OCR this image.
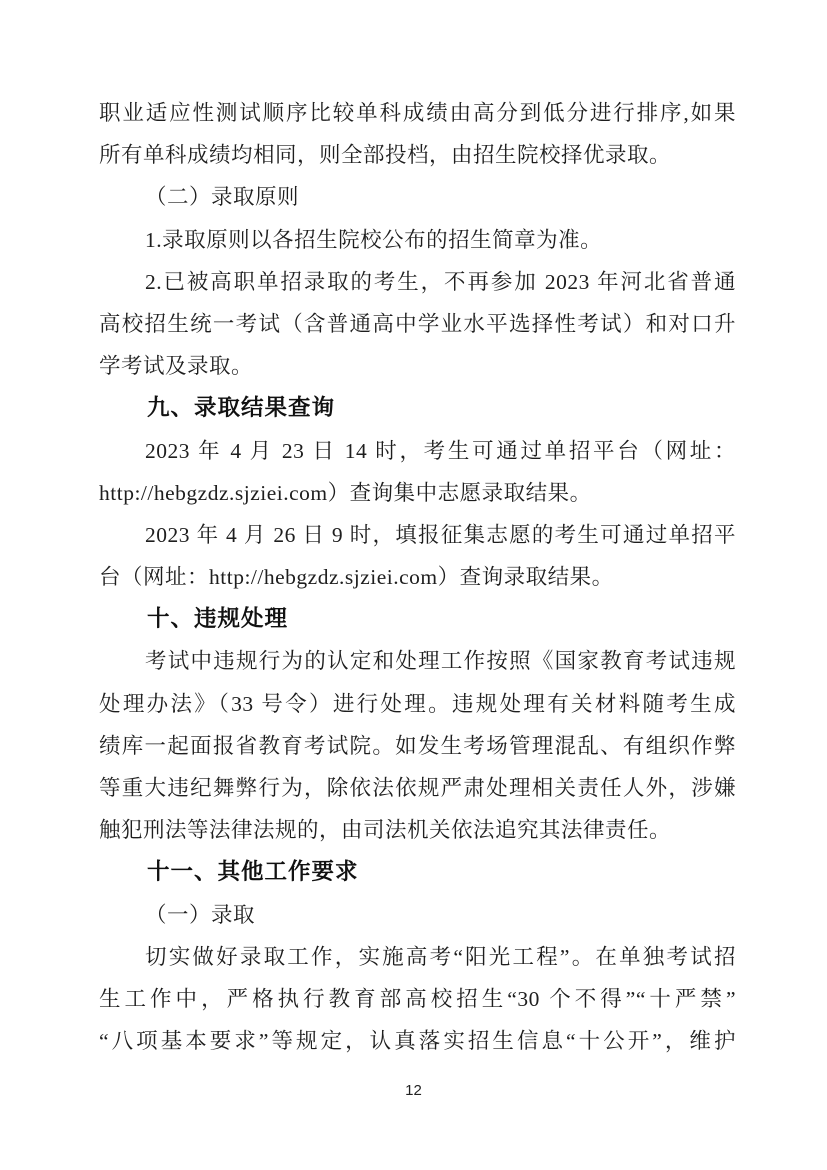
职业适应性测试顺序比较单科成绩由高分到低分进行排序,如果
所有单科成绩均相同，则全部投档，由招生院校择优录取。
（二）录取原则
1.录取原则以各招生院校公布的招生简章为准。
2.已被高职单招录取的考生，不再参加 2023 年河北省普通
高校招生统一考试（含普通高中学业水平选择性考试）和对口升
学考试及录取。
九、录取结果查询
2023 年 4 月 23 日 14 时，考生可通过单招平台（网址：
http://hebgzdz.sjziei.com）查询集中志愿录取结果。
2023 年 4 月 26 日 9 时，填报征集志愿的考生可通过单招平
台（网址：http://hebgzdz.sjziei.com）查询录取结果。
十、违规处理
考试中违规行为的认定和处理工作按照《国家教育考试违规
处理办法》（33 号令）进行处理。违规处理有关材料随考生成
绩库一起面报省教育考试院。如发生考场管理混乱、有组织作弊
等重大违纪舞弊行为，除依法依规严肃处理相关责任人外，涉嫌
触犯刑法等法律法规的，由司法机关依法追究其法律责任。
十一、其他工作要求
（一）录取
切实做好录取工作，实施高考“阳光工程”。在单独考试招
生工作中，严格执行教育部高校招生“30 个不得”“十严禁”
“八项基本要求”等规定，认真落实招生信息“十公开”，维护
12
